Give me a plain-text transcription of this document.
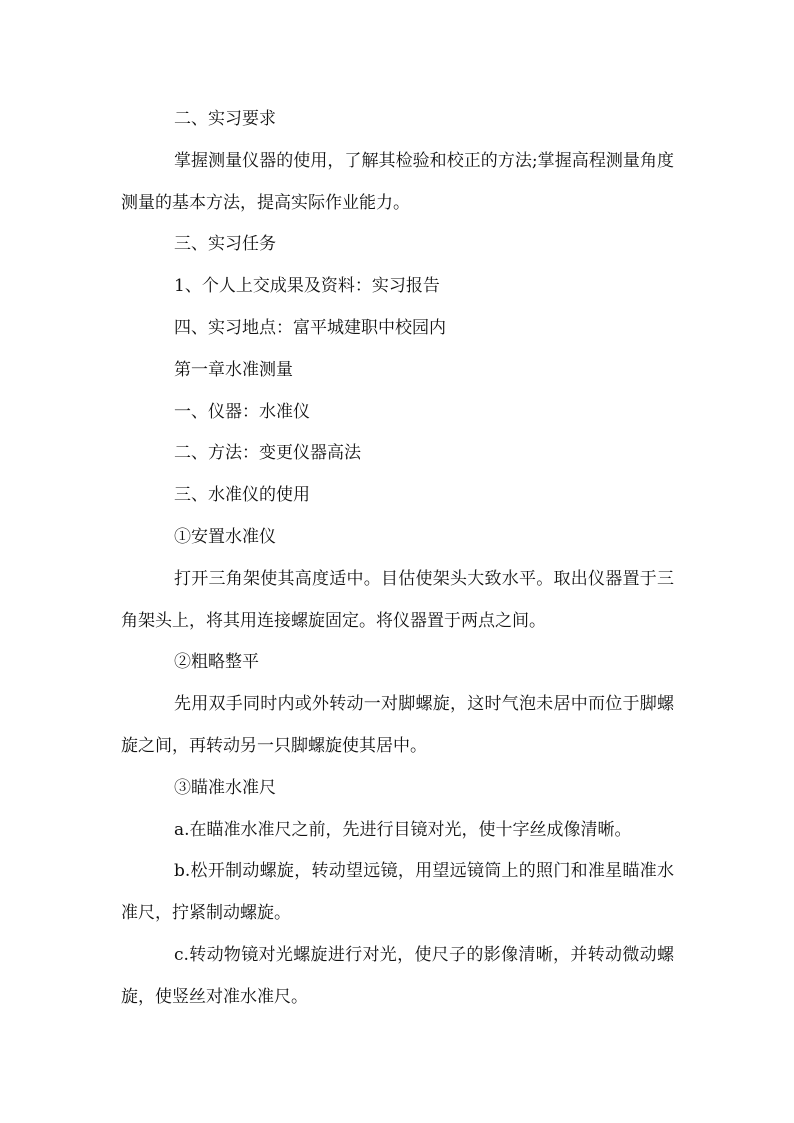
二、实习要求

掌握测量仪器的使用，了解其检验和校正的方法;掌握高程测量角度测量的基本方法，提高实际作业能力。

三、实习任务

1、个人上交成果及资料：实习报告

四、实习地点：富平城建职中校园内

第一章水准测量

一、仪器：水准仪

二、方法：变更仪器高法

三、水准仪的使用

①安置水准仪

打开三角架使其高度适中。目估使架头大致水平。取出仪器置于三角架头上，将其用连接螺旋固定。将仪器置于两点之间。

②粗略整平

先用双手同时内或外转动一对脚螺旋，这时气泡未居中而位于脚螺旋之间，再转动另一只脚螺旋使其居中。

③瞄准水准尺

a.在瞄准水准尺之前，先进行目镜对光，使十字丝成像清晰。

b.松开制动螺旋，转动望远镜，用望远镜筒上的照门和准星瞄准水准尺，拧紧制动螺旋。

c.转动物镜对光螺旋进行对光，使尺子的影像清晰，并转动微动螺旋，使竖丝对准水准尺。
